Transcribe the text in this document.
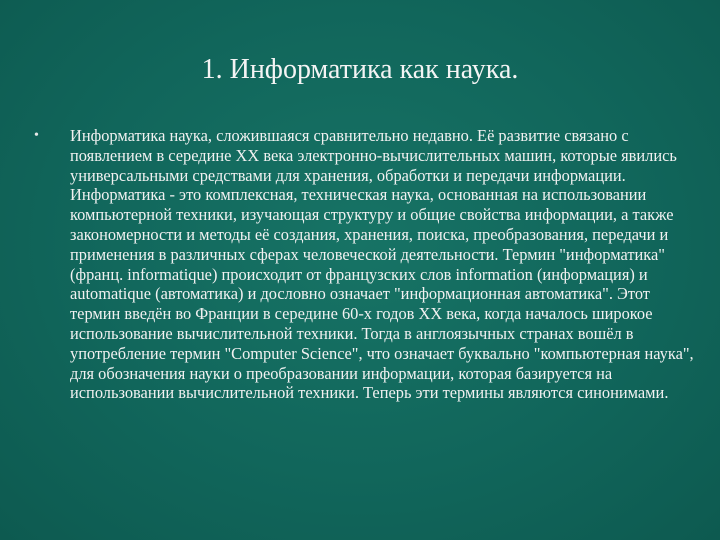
1. Информатика как наука.
•	Информатика наука, сложившаяся сравнительно недавно. Её развитие связано с появлением в середине XX века электронно-вычислительных машин, которые явились универсальными средствами для хранения, обработки и передачи информации. Информатика - это комплексная, техническая наука, основанная на использовании компьютерной техники, изучающая структуру и общие свойства информации, а также закономерности и методы её создания, хранения, поиска, преобразования, передачи и применения в различных сферах человеческой деятельности. Термин "информатика" (франц. informatique) происходит от французских слов information (информация) и automatique (автоматика) и дословно означает "информационная автоматика". Этот термин введён во Франции в середине 60-х годов XX века, когда началось широкое использование вычислительной техники. Тогда в англоязычных странах вошёл в употребление термин "Computer Science", что означает буквально "компьютерная наука", для обозначения науки о преобразовании информации, которая базируется на использовании вычислительной техники. Теперь эти термины являются синонимами.
